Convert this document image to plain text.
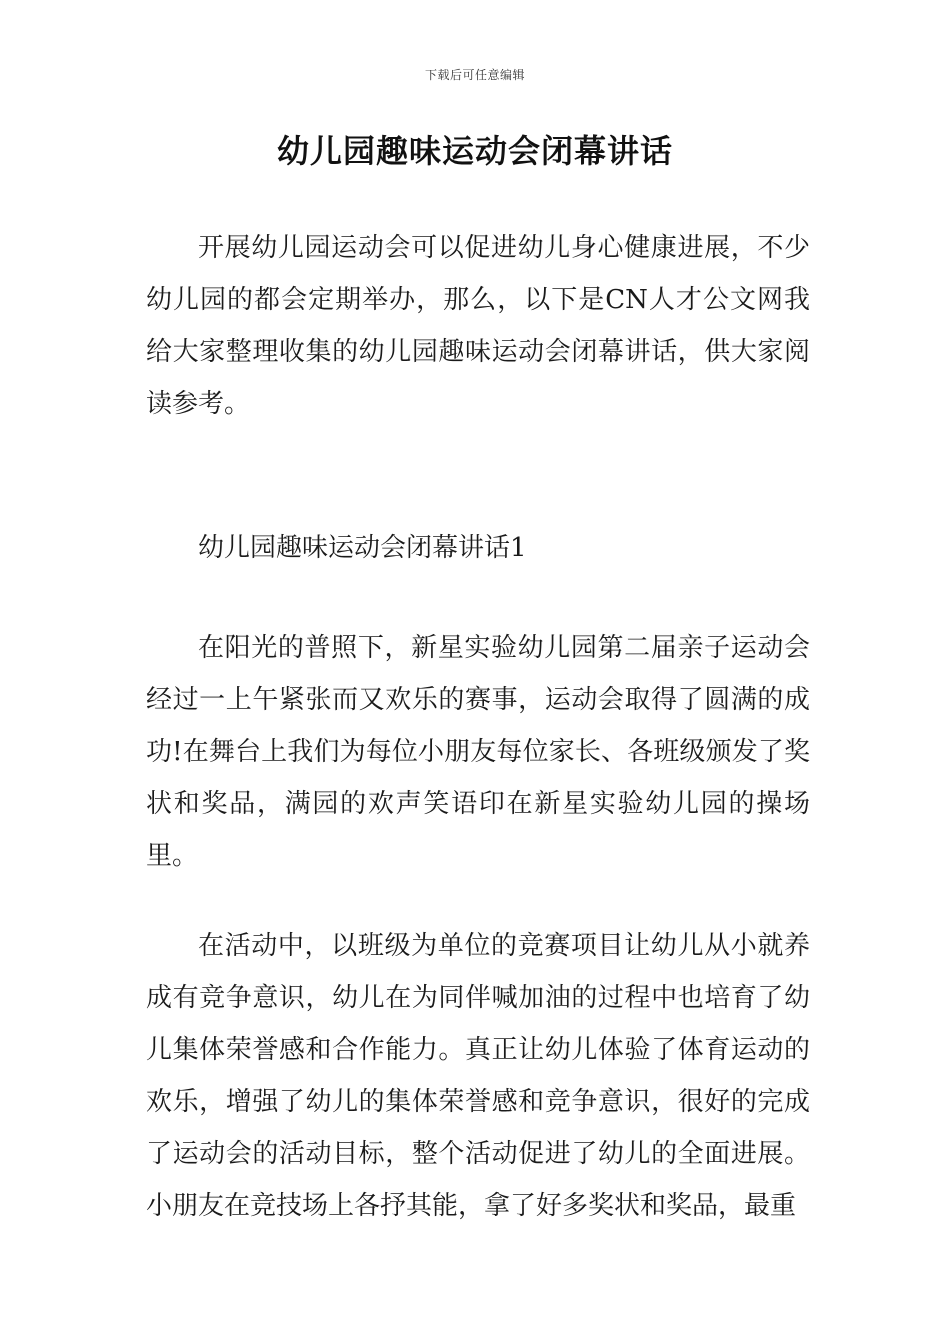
下载后可任意编辑
幼儿园趣味运动会闭幕讲话

开展幼儿园运动会可以促进幼儿身心健康进展，不少幼儿园的都会定期举办，那么，以下是CN人才公文网我给大家整理收集的幼儿园趣味运动会闭幕讲话，供大家阅读参考。

幼儿园趣味运动会闭幕讲话1

在阳光的普照下，新星实验幼儿园第二届亲子运动会经过一上午紧张而又欢乐的赛事，运动会取得了圆满的成功!在舞台上我们为每位小朋友每位家长、各班级颁发了奖状和奖品，满园的欢声笑语印在新星实验幼儿园的操场里。

在活动中，以班级为单位的竞赛项目让幼儿从小就养成有竞争意识，幼儿在为同伴喊加油的过程中也培育了幼儿集体荣誉感和合作能力。真正让幼儿体验了体育运动的欢乐，增强了幼儿的集体荣誉感和竞争意识，很好的完成了运动会的活动目标，整个活动促进了幼儿的全面进展。小朋友在竞技场上各抒其能，拿了好多奖状和奖品，最重
